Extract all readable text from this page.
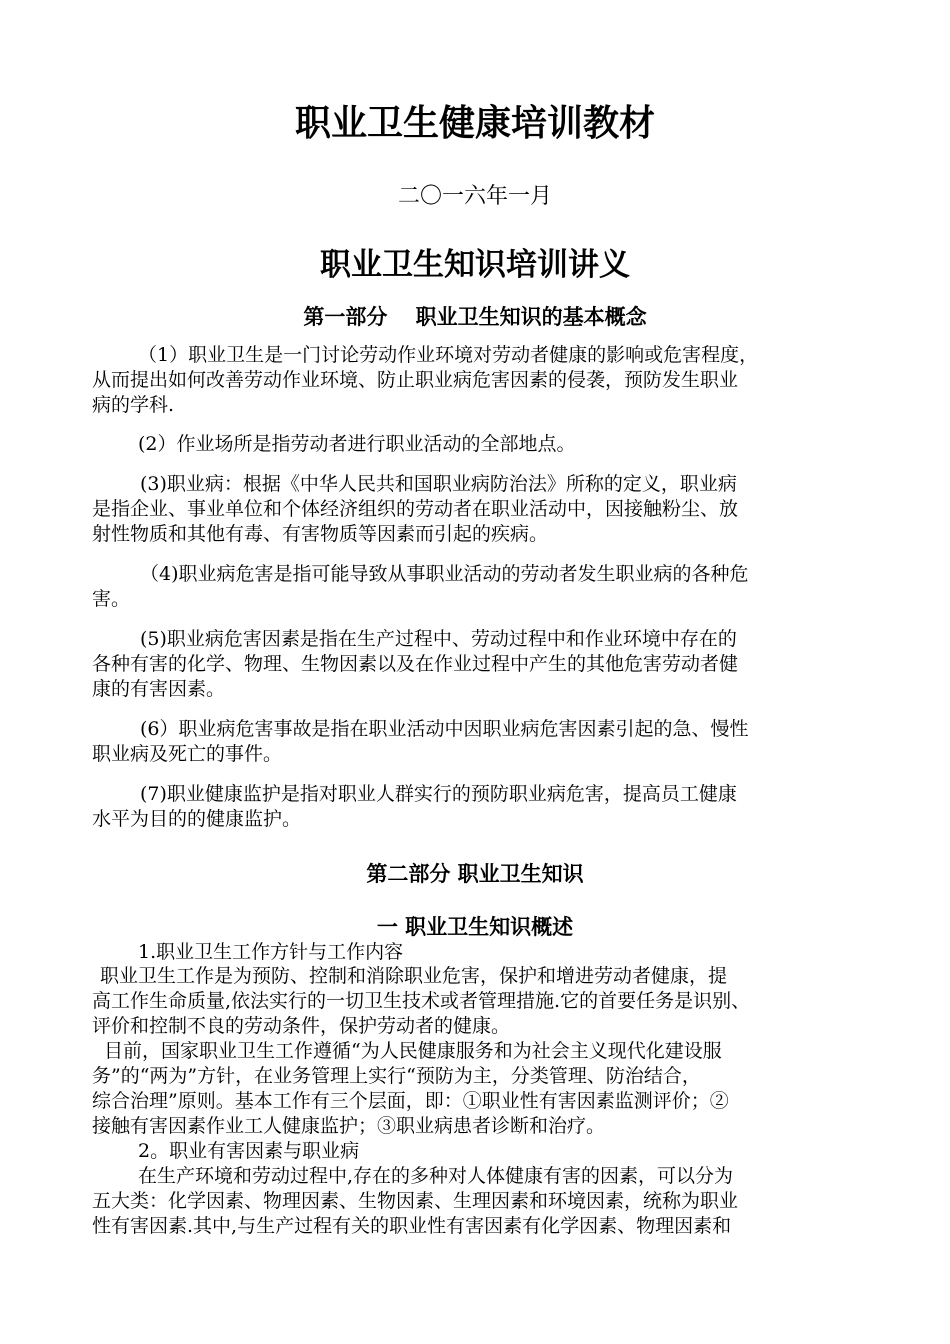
职业卫生健康培训教材
二〇一六年一月
职业卫生知识培训讲义
第一部分　 职业卫生知识的基本概念
（1）职业卫生是一门讨论劳动作业环境对劳动者健康的影响或危害程度，
从而提出如何改善劳动作业环境、防止职业病危害因素的侵袭，预防发生职业
病的学科.
(2）作业场所是指劳动者进行职业活动的全部地点。
(3)职业病：根据《中华人民共和国职业病防治法》所称的定义，职业病
是指企业、事业单位和个体经济组织的劳动者在职业活动中，因接触粉尘、放
射性物质和其他有毒、有害物质等因素而引起的疾病。
（4)职业病危害是指可能导致从事职业活动的劳动者发生职业病的各种危
害。
(5)职业病危害因素是指在生产过程中、劳动过程中和作业环境中存在的
各种有害的化学、物理、生物因素以及在作业过程中产生的其他危害劳动者健
康的有害因素。
(6）职业病危害事故是指在职业活动中因职业病危害因素引起的急、慢性
职业病及死亡的事件。
(7)职业健康监护是指对职业人群实行的预防职业病危害，提高员工健康
水平为目的的健康监护。
第二部分 职业卫生知识
一 职业卫生知识概述
1.职业卫生工作方针与工作内容
职业卫生工作是为预防、控制和消除职业危害，保护和增进劳动者健康，提
高工作生命质量,依法实行的一切卫生技术或者管理措施.它的首要任务是识别、
评价和控制不良的劳动条件，保护劳动者的健康。
目前，国家职业卫生工作遵循“为人民健康服务和为社会主义现代化建设服
务”的“两为”方针，在业务管理上实行“预防为主，分类管理、防治结合，
综合治理”原则。基本工作有三个层面，即：①职业性有害因素监测评价；②
接触有害因素作业工人健康监护；③职业病患者诊断和治疗。
2。职业有害因素与职业病
在生产环境和劳动过程中,存在的多种对人体健康有害的因素，可以分为
五大类：化学因素、物理因素、生物因素、生理因素和环境因素，统称为职业
性有害因素.其中,与生产过程有关的职业性有害因素有化学因素、物理因素和
